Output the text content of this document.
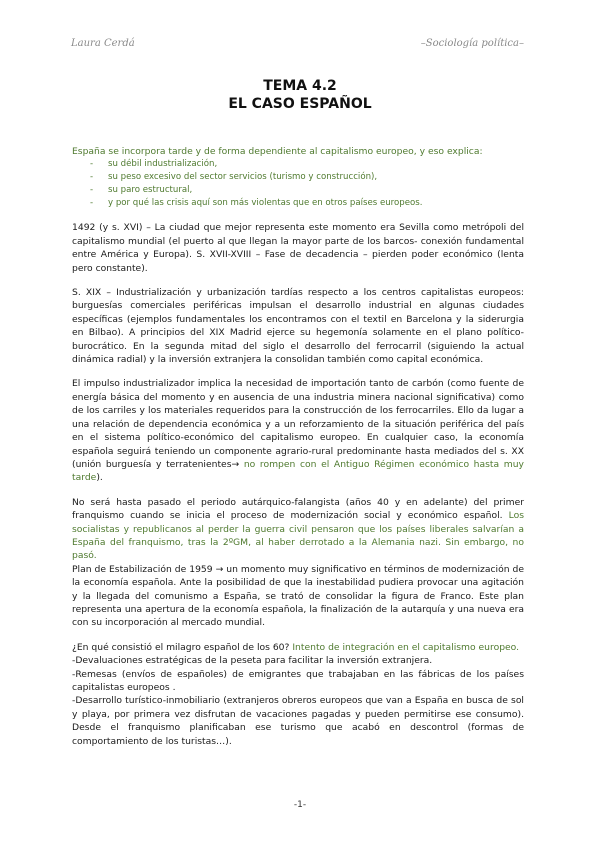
Laura Cerdá	–Sociología política–
TEMA 4.2
EL CASO ESPAÑOL

España se incorpora tarde y de forma dependiente al capitalismo europeo, y eso explica:

- su débil industrialización,
- su peso excesivo del sector servicios (turismo y construcción),
- su paro estructural,
- y por qué las crisis aquí son más violentas que en otros países europeos.

1492 (y s. XVI) – La ciudad que mejor representa este momento era Sevilla como metrópoli del capitalismo mundial (el puerto al que llegan la mayor parte de los barcos- conexión fundamental entre América y Europa). S. XVII-XVIII – Fase de decadencia – pierden poder económico (lenta pero constante).

S. XIX – Industrialización y urbanización tardías respecto a los centros capitalistas europeos: burguesías comerciales periféricas impulsan el desarrollo industrial en algunas ciudades específicas (ejemplos fundamentales los encontramos con el textil en Barcelona y la siderurgia en Bilbao). A principios del XIX Madrid ejerce su hegemonía solamente en el plano político-burocrático. En la segunda mitad del siglo el desarrollo del ferrocarril (siguiendo la actual dinámica radial) y la inversión extranjera la consolidan también como capital económica.

El impulso industrializador implica la necesidad de importación tanto de carbón (como fuente de energía básica del momento y en ausencia de una industria minera nacional significativa) como de los carriles y los materiales requeridos para la construcción de los ferrocarriles. Ello da lugar a una relación de dependencia económica y a un reforzamiento de la situación periférica del país en el sistema político-económico del capitalismo europeo. En cualquier caso, la economía española seguirá teniendo un componente agrario-rural predominante hasta mediados del s. XX (unión burguesía y terratenientes→ no rompen con el Antiguo Régimen económico hasta muy tarde).

No será hasta pasado el periodo autárquico-falangista (años 40 y en adelante) del primer franquismo cuando se inicia el proceso de modernización social y económico español. Los socialistas y republicanos al perder la guerra civil pensaron que los países liberales salvarían a España del franquismo, tras la 2ºGM, al haber derrotado a la Alemania nazi. Sin embargo, no pasó.

Plan de Estabilización de 1959 → un momento muy significativo en términos de modernización de la economía española. Ante la posibilidad de que la inestabilidad pudiera provocar una agitación y la llegada del comunismo a España, se trató de consolidar la figura de Franco. Este plan representa una apertura de la economía española, la finalización de la autarquía y una nueva era con su incorporación al mercado mundial.

¿En qué consistió el milagro español de los 60? Intento de integración en el capitalismo europeo.

-Devaluaciones estratégicas de la peseta para facilitar la inversión extranjera.

-Remesas (envíos de españoles) de emigrantes que trabajaban en las fábricas de los países capitalistas europeos .

-Desarrollo turístico-inmobiliario (extranjeros obreros europeos que van a España en busca de sol y playa, por primera vez disfrutan de vacaciones pagadas y pueden permitirse ese consumo). Desde el franquismo planificaban ese turismo que acabó en descontrol (formas de comportamiento de los turistas…).

-1-
